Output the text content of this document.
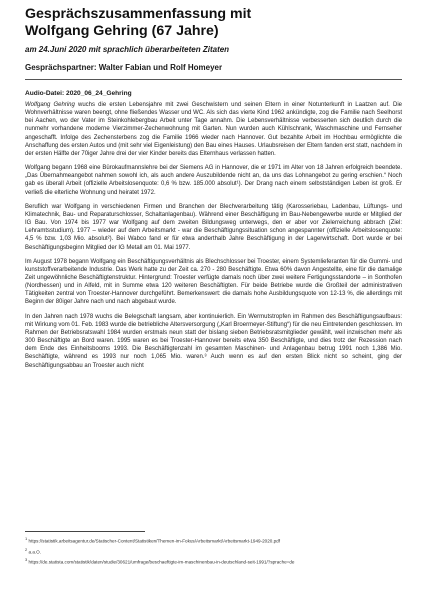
Gesprächszusammenfassung mit
Wolfgang Gehring (67 Jahre)
am 24.Juni 2020 mit sprachlich überarbeiteten Zitaten
Gesprächspartner: Walter Fabian und Rolf Homeyer
Audio-Datei: 2020_06_24_Gehring

Wolfgang Gehring wuchs die ersten Lebensjahre mit zwei Geschwistern und seinen Eltern in einer Notunterkunft in Laatzen auf. Die Wohnverhältnisse waren beengt, ohne fließendes Wasser und WC. Als sich das vierte Kind 1962 ankündigte, zog die Familie nach Seelhorst bei Aachen, wo der Vater im Steinkohlebergbau Arbeit unter Tage annahm. Die Lebensverhältnisse verbesserten sich deutlich durch die nunmehr vorhandene moderne Vierzimmer-Zechenwohnung mit Garten. Nun wurden auch Kühlschrank, Waschmaschine und Fernseher angeschafft. Infolge des Zechensterbens zog die Familie 1966 wieder nach Hannover. Gut bezahlte Arbeit im Hochbau ermöglichte die Anschaffung des ersten Autos und (mit sehr viel Eigenleistung) den Bau eines Hauses. Urlaubsreisen der Eltern fanden erst statt, nachdem in der ersten Hälfte der 70iger Jahre drei der vier Kinder bereits das Elternhaus verlassen hatten.

Wolfgang begann 1968 eine Bürokaufmannslehre bei der Siemens AG in Hannover, die er 1971 im Alter von 18 Jahren erfolgreich beendete. „Das Übernahmeangebot nahmen sowohl ich, als auch andere Auszubildende nicht an, da uns das Lohnangebot zu gering erschien.“ Noch gab es überall Arbeit (offizielle Arbeitslosenquote: 0,6 % bzw. 185.000 absolut¹). Der Drang nach einem selbstständigen Leben ist groß. Er verließ die elterliche Wohnung und heiratet 1972.

Beruflich war Wolfgang in verschiedenen Firmen und Branchen der Blechverarbeitung tätig (Karosseriebau, Ladenbau, Lüftungs- und Klimatechnik, Bau- und Reparaturschlosser, Schaltanlagenbau). Während einer Beschäftigung im Bau-Nebengewerbe wurde er Mitglied der IG Bau. Von 1974 bis 1977 war Wolfgang auf dem zweiten Bildungsweg unterwegs, den er aber vor Zielerreichung abbrach (Ziel: Lehramtsstudium). 1977 – wieder auf dem Arbeitsmarkt - war die Beschäftigungssituation schon angespannter (offizielle Arbeitslosenquote: 4,5 % bzw. 1,03 Mio. absolut²). Bei Wabco fand er für etwa anderthalb Jahre Beschäftigung in der Lagerwirtschaft. Dort wurde er bei Beschäftigungsbeginn Mitglied der IG Metall am 01. Mai 1977.

Im August 1978 begann Wolfgang ein Beschäftigungsverhältnis als Blechschlosser bei Troester, einem Systemlieferanten für die Gummi- und kunststoffverarbeitende Industrie. Das Werk hatte zu der Zeit ca. 270 - 280 Beschäftigte. Etwa 60% davon Angestellte, eine für die damalige Zeit ungewöhnliche Beschäftigtenstruktur. Hintergrund: Troester verfügte damals noch über zwei weitere Fertigungsstandorte – in Sonthofen (Nordhessen) und in Alfeld, mit in Summe etwa 120 weiteren Beschäftigten. Für beide Betriebe wurde die Großteil der administrativen Tätigkeiten zentral von Troester-Hannover durchgeführt. Bemerkenswert: die damals hohe Ausbildungsquote von 12-13 %, die allerdings mit Beginn der 80iger Jahre nach und nach abgebaut wurde.

In den Jahren nach 1978 wuchs die Belegschaft langsam, aber kontinuierlich. Ein Wermutstropfen im Rahmen des Beschäftigungsaufbaus: mit Wirkung vom 01. Feb. 1983 wurde die betriebliche Altersversorgung („Karl Broermeyer-Stiftung“) für die neu Eintretenden geschlossen. Im Rahmen der Betriebsratswahl 1984 wurden erstmals neun statt der bislang sieben Betriebsratsmitglieder gewählt, weil inzwischen mehr als 300 Beschäftigte an Bord waren. 1995 waren es bei Troester-Hannover bereits etwa 350 Beschäftigte, und dies trotz der Rezession nach dem Ende des Einheitsbooms 1993. Die Beschäftigtenzahl im gesamten Maschinen- und Anlagenbau betrug 1991 noch 1,386 Mio. Beschäftigte, während es 1993 nur noch 1,065 Mio. waren.³ Auch wenn es auf den ersten Blick nicht so scheint, ging der Beschäftigungsabbau an Troester auch nicht

$^1$ https://statistik.arbeitsagentur.de/Statischer-Content/Statistiken/Themen-im-Fokus/Arbeitsmarkt/Arbeitsmarkt-1949-2020.pdf
$^2$ a.a.O.
$^3$ https://de.statista.com/statistik/daten/studie/30621/umfrage/beschaeftigte-im-maschinenbau-in-deutschland-seit-1991/?sprache=de
